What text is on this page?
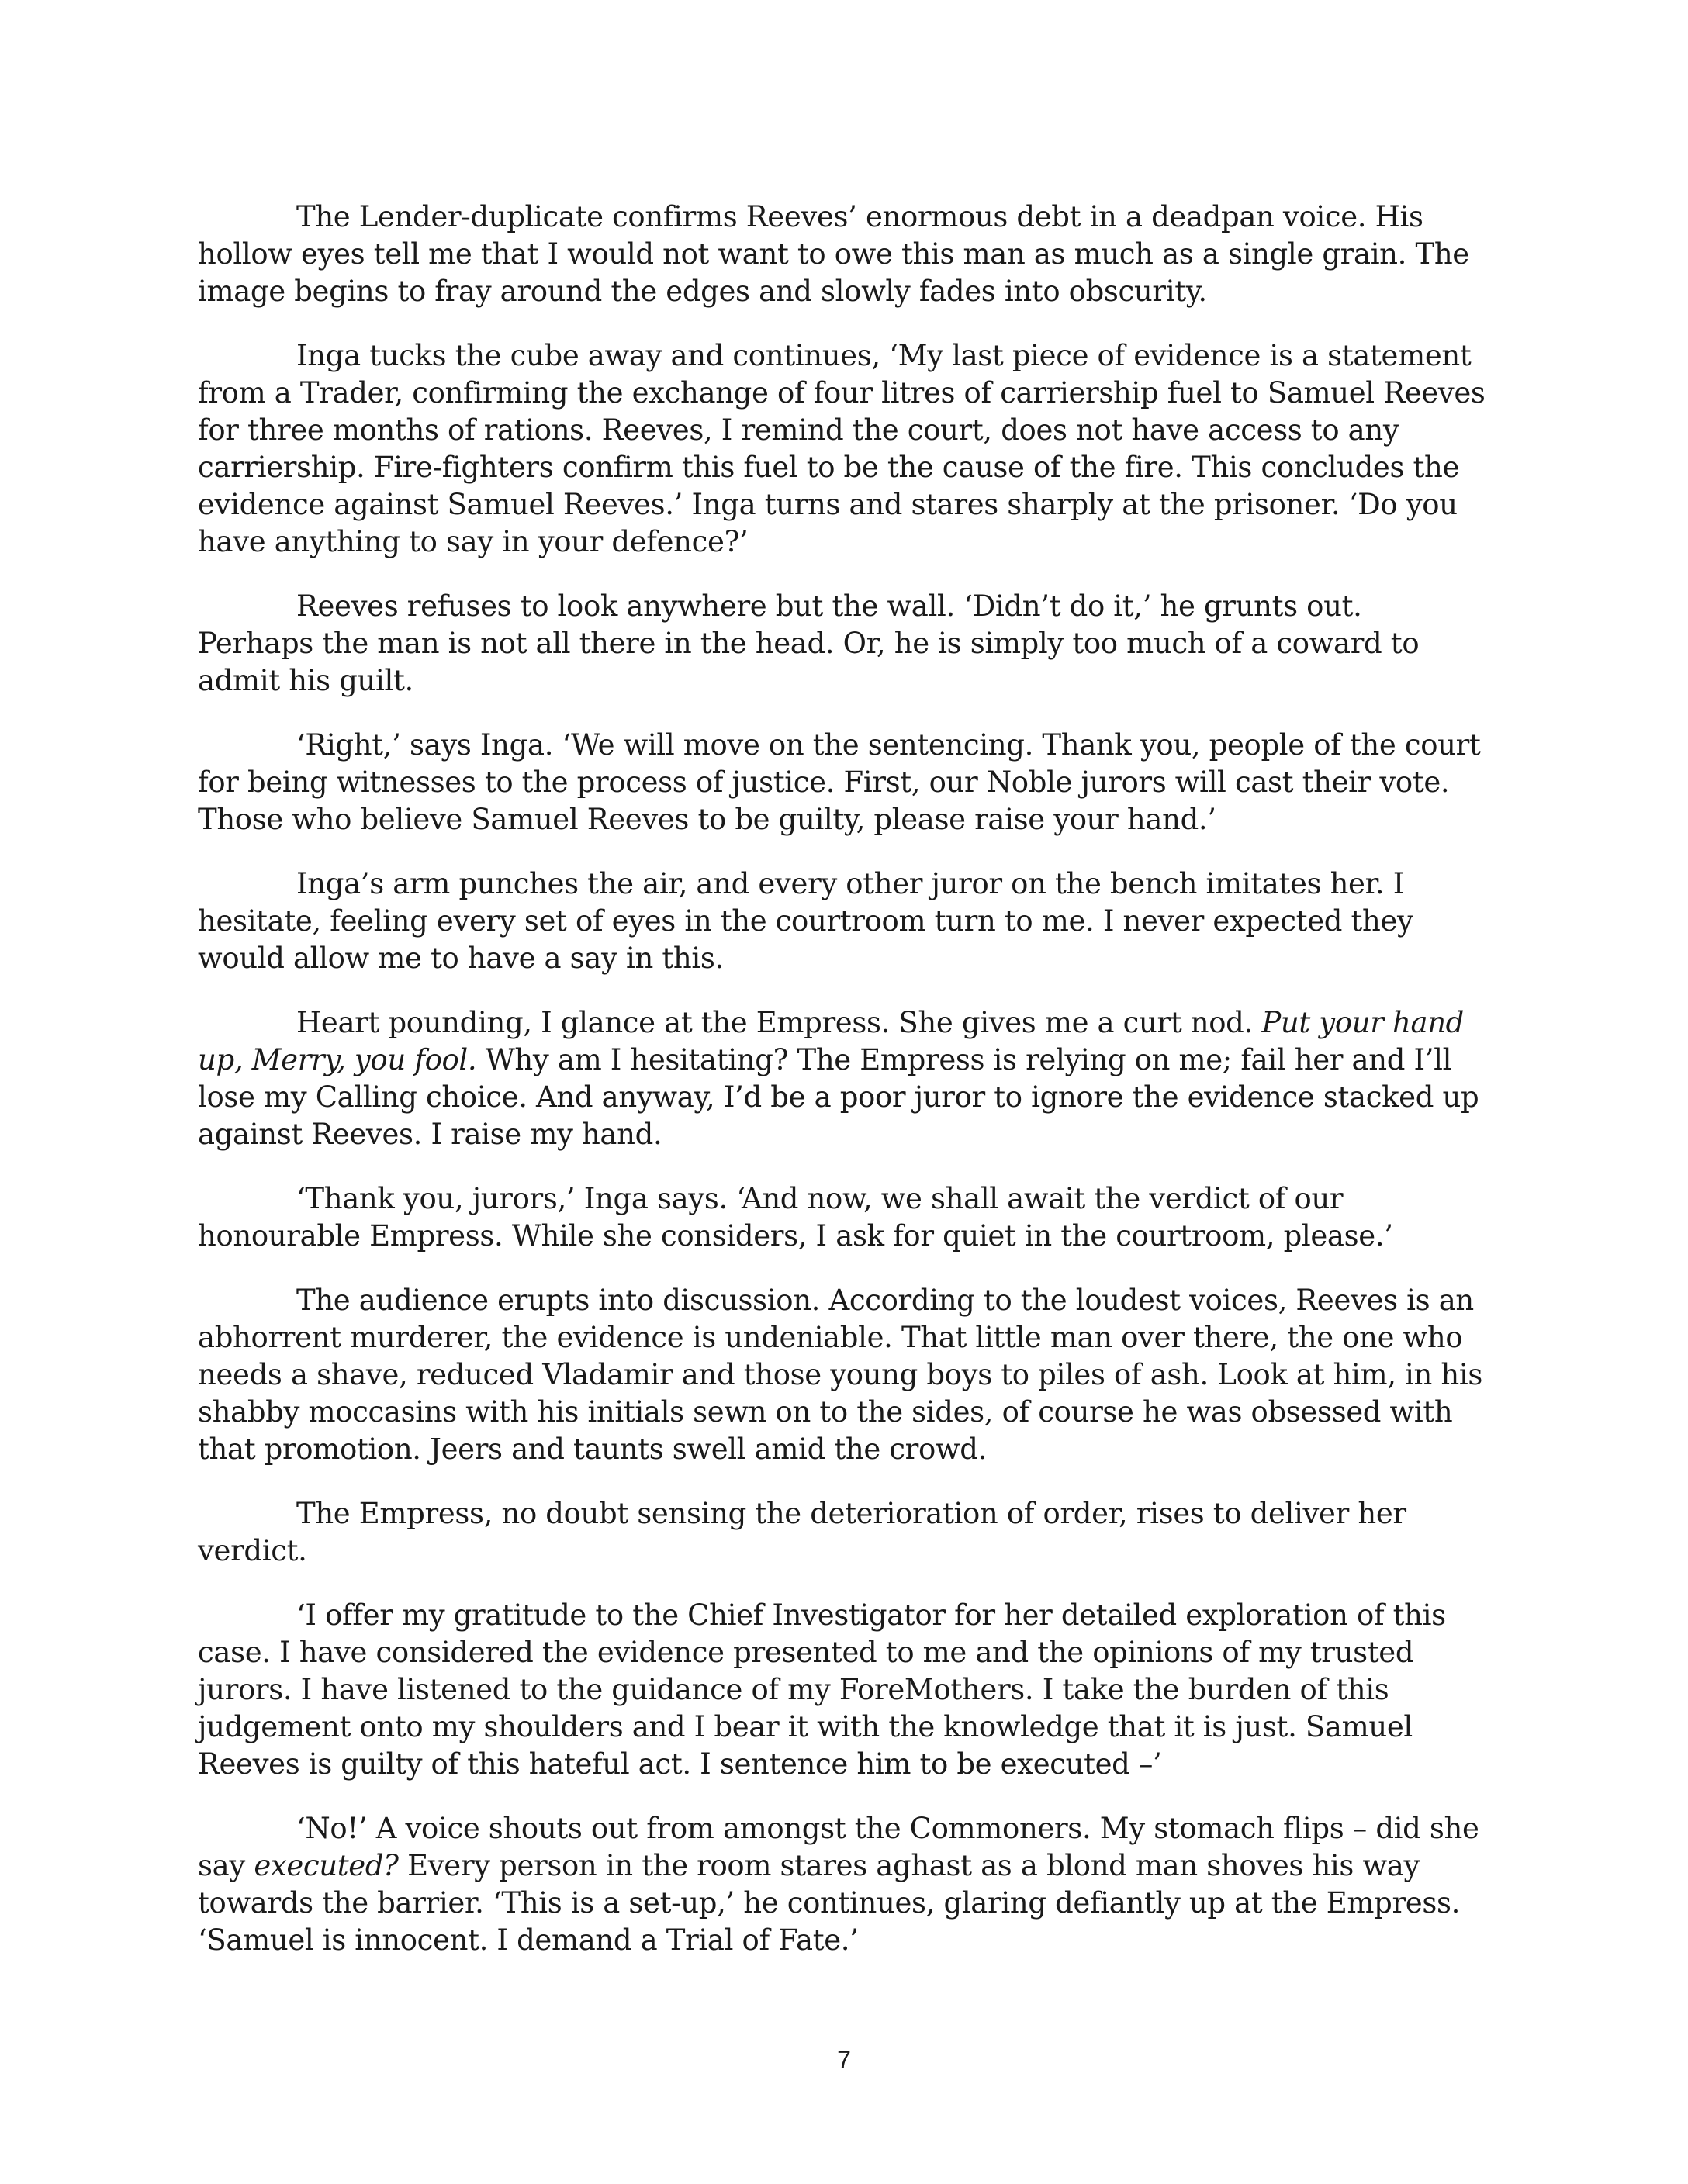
The Lender-duplicate confirms Reeves’ enormous debt in a deadpan voice. His hollow eyes tell me that I would not want to owe this man as much as a single grain. The image begins to fray around the edges and slowly fades into obscurity.

Inga tucks the cube away and continues, ‘My last piece of evidence is a statement from a Trader, confirming the exchange of four litres of carriership fuel to Samuel Reeves for three months of rations. Reeves, I remind the court, does not have access to any carriership. Fire-fighters confirm this fuel to be the cause of the fire. This concludes the evidence against Samuel Reeves.’ Inga turns and stares sharply at the prisoner. ‘Do you have anything to say in your defence?’

Reeves refuses to look anywhere but the wall. ‘Didn’t do it,’ he grunts out. Perhaps the man is not all there in the head. Or, he is simply too much of a coward to admit his guilt.

‘Right,’ says Inga. ‘We will move on the sentencing. Thank you, people of the court for being witnesses to the process of justice. First, our Noble jurors will cast their vote. Those who believe Samuel Reeves to be guilty, please raise your hand.’

Inga’s arm punches the air, and every other juror on the bench imitates her. I hesitate, feeling every set of eyes in the courtroom turn to me. I never expected they would allow me to have a say in this.

Heart pounding, I glance at the Empress. She gives me a curt nod. Put your hand up, Merry, you fool. Why am I hesitating? The Empress is relying on me; fail her and I’ll lose my Calling choice. And anyway, I’d be a poor juror to ignore the evidence stacked up against Reeves. I raise my hand.

‘Thank you, jurors,’ Inga says. ‘And now, we shall await the verdict of our honourable Empress. While she considers, I ask for quiet in the courtroom, please.’

The audience erupts into discussion. According to the loudest voices, Reeves is an abhorrent murderer, the evidence is undeniable. That little man over there, the one who needs a shave, reduced Vladamir and those young boys to piles of ash. Look at him, in his shabby moccasins with his initials sewn on to the sides, of course he was obsessed with that promotion. Jeers and taunts swell amid the crowd.

The Empress, no doubt sensing the deterioration of order, rises to deliver her verdict.

‘I offer my gratitude to the Chief Investigator for her detailed exploration of this case. I have considered the evidence presented to me and the opinions of my trusted jurors. I have listened to the guidance of my ForeMothers. I take the burden of this judgement onto my shoulders and I bear it with the knowledge that it is just. Samuel Reeves is guilty of this hateful act. I sentence him to be executed –’

‘No!’ A voice shouts out from amongst the Commoners. My stomach flips – did she say executed? Every person in the room stares aghast as a blond man shoves his way towards the barrier. ‘This is a set-up,’ he continues, glaring defiantly up at the Empress. ‘Samuel is innocent. I demand a Trial of Fate.’

7
